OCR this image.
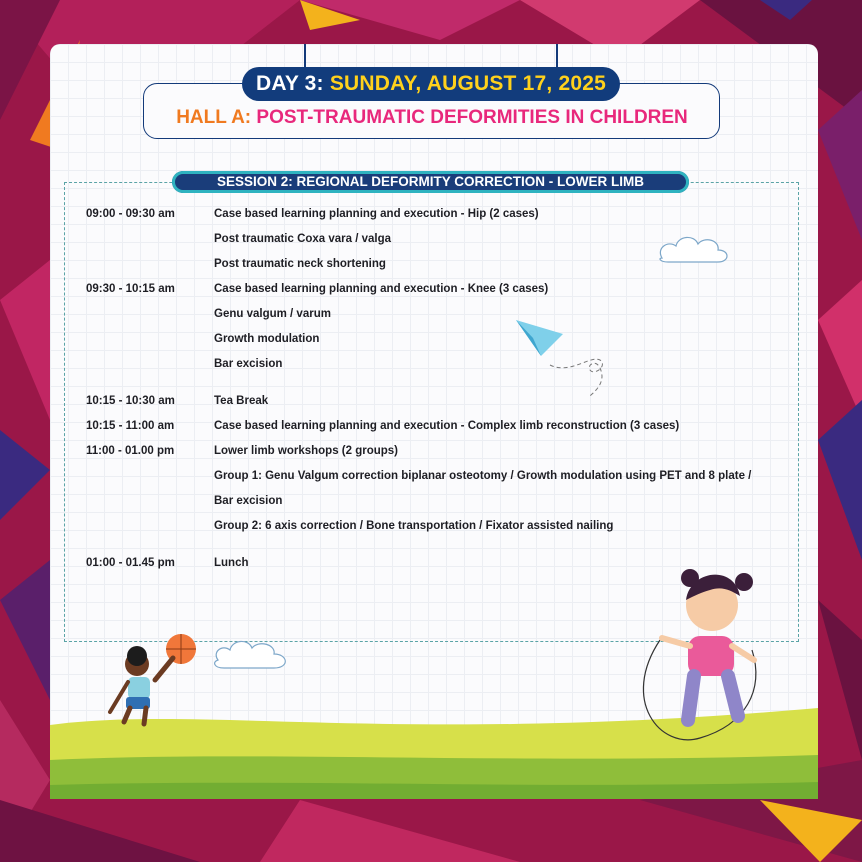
DAY 3: SUNDAY, AUGUST 17, 2025
HALL A: POST-TRAUMATIC DEFORMITIES IN CHILDREN
SESSION 2: REGIONAL DEFORMITY CORRECTION - LOWER LIMB
09:00 - 09:30 am	Case based learning planning and execution - Hip (2 cases)
Post traumatic Coxa vara / valga
Post traumatic neck shortening
09:30 - 10:15 am	Case based learning planning and execution - Knee (3 cases)
Genu valgum / varum
Growth modulation
Bar excision
10:15 - 10:30 am	Tea Break
10:15 - 11:00 am	Case based learning planning and execution - Complex limb reconstruction (3 cases)
11:00 - 01.00 pm	Lower limb workshops (2 groups)
Group 1: Genu Valgum correction biplanar osteotomy / Growth modulation using PET and 8 plate /
Bar excision
Group 2: 6 axis correction / Bone transportation / Fixator assisted nailing
01:00 - 01.45 pm	Lunch
